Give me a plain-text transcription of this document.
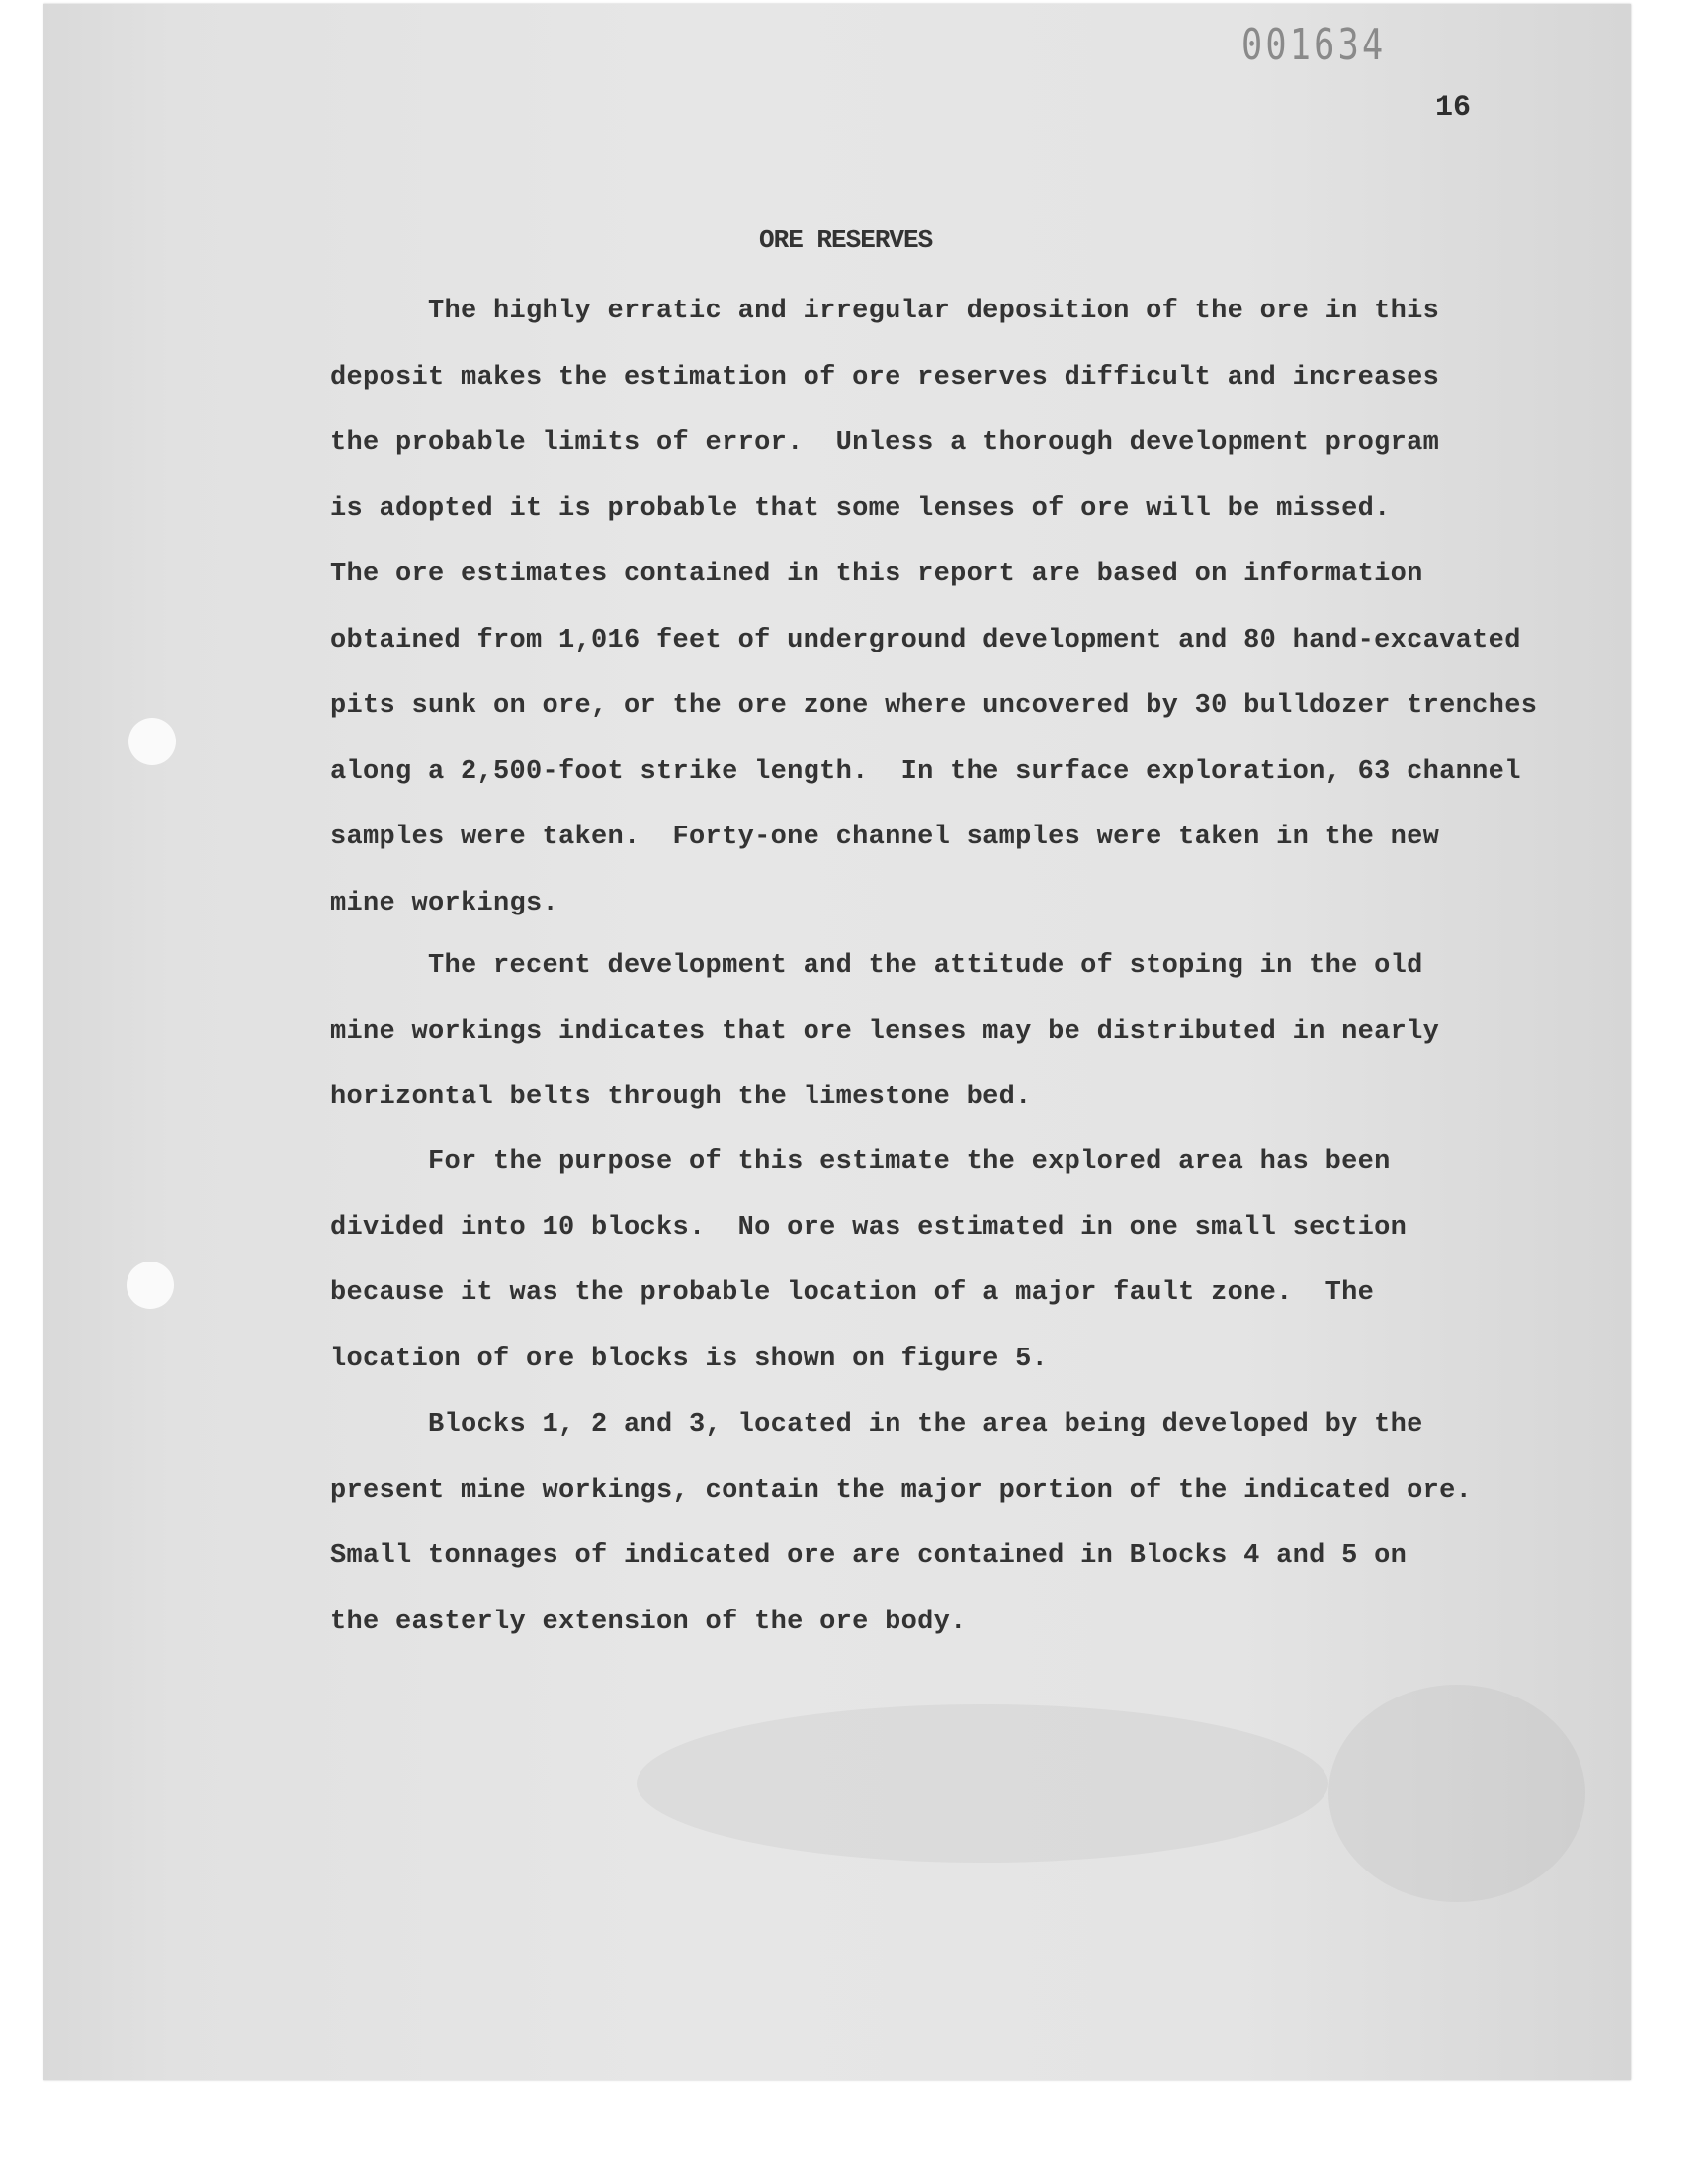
001634
16
ORE RESERVES

The highly erratic and irregular deposition of the ore in this
deposit makes the estimation of ore reserves difficult and increases
the probable limits of error.  Unless a thorough development program
is adopted it is probable that some lenses of ore will be missed.
The ore estimates contained in this report are based on information
obtained from 1,016 feet of underground development and 80 hand-excavated
pits sunk on ore, or the ore zone where uncovered by 30 bulldozer trenches
along a 2,500-foot strike length.  In the surface exploration, 63 channel
samples were taken.  Forty-one channel samples were taken in the new
mine workings.

The recent development and the attitude of stoping in the old
mine workings indicates that ore lenses may be distributed in nearly
horizontal belts through the limestone bed.

For the purpose of this estimate the explored area has been
divided into 10 blocks.  No ore was estimated in one small section
because it was the probable location of a major fault zone.  The
location of ore blocks is shown on figure 5.

Blocks 1, 2 and 3, located in the area being developed by the
present mine workings, contain the major portion of the indicated ore.
Small tonnages of indicated ore are contained in Blocks 4 and 5 on
the easterly extension of the ore body.
